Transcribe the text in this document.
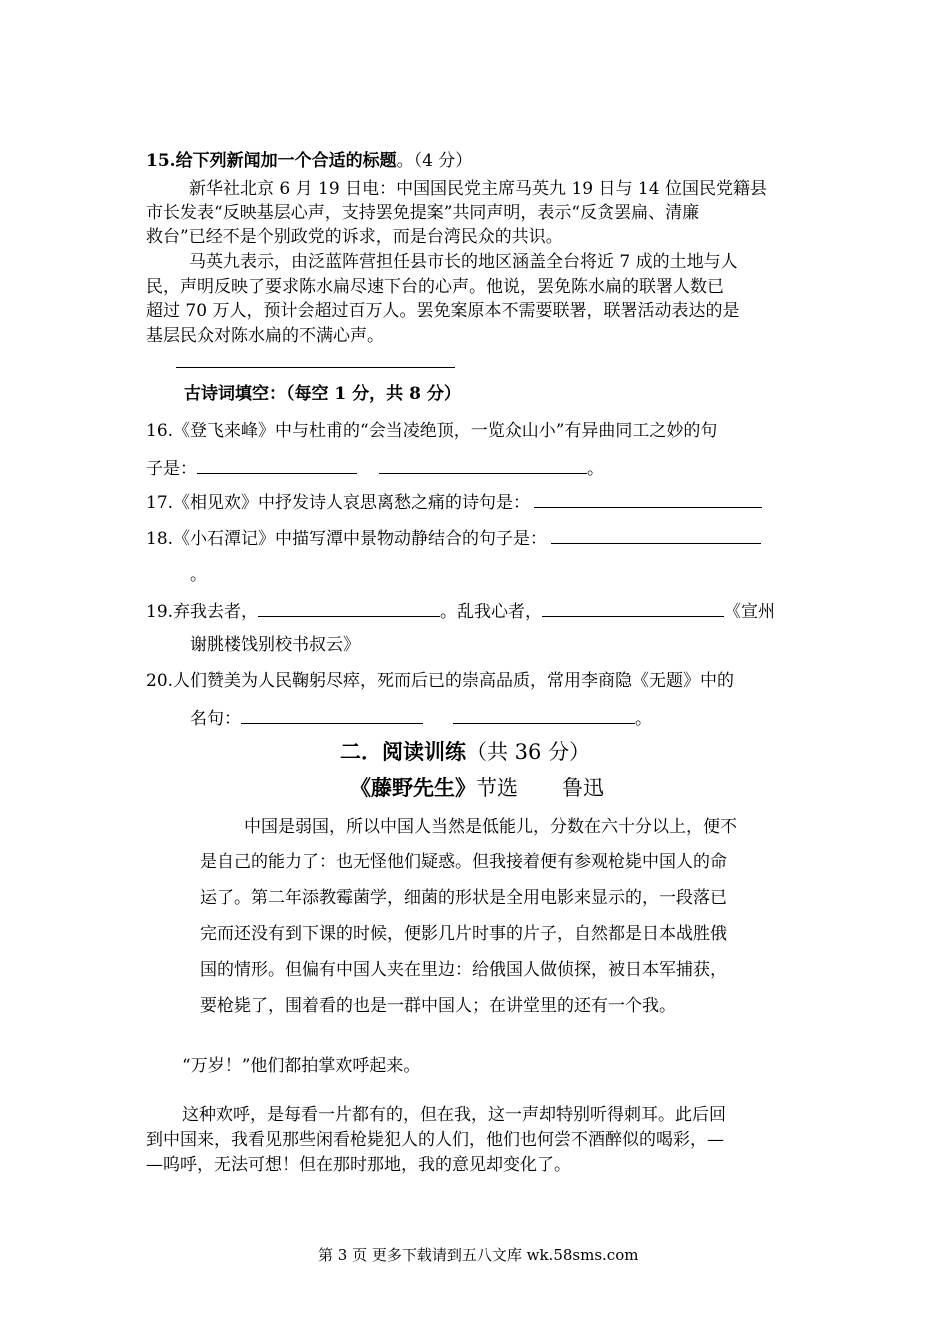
15.给下列新闻加一个合适的标题。（4 分）
新华社北京 6 月 19 日电：中国国民党主席马英九 19 日与 14 位国民党籍县
市长发表“反映基层心声，支持罢免提案”共同声明，表示“反贪罢扁、清廉
救台”已经不是个别政党的诉求，而是台湾民众的共识。
马英九表示，由泛蓝阵营担任县市长的地区涵盖全台将近 7 成的土地与人
民，声明反映了要求陈水扁尽速下台的心声。他说，罢免陈水扁的联署人数已
超过 70 万人，预计会超过百万人。罢免案原本不需要联署，联署活动表达的是
基层民众对陈水扁的不满心声。
古诗词填空：（每空 1 分，共 8 分）
16.《登飞来峰》中与杜甫的“会当凌绝顶，一览众山小”有异曲同工之妙的句
子是：	。
17.《相见欢》中抒发诗人哀思离愁之痛的诗句是：
18.《小石潭记》中描写潭中景物动静结合的句子是：
。
19.弃我去者，	。乱我心者，	《宣州
谢朓楼饯别校书叔云》
20.人们赞美为人民鞠躬尽瘁，死而后已的崇高品质，常用李商隐《无题》中的
名句：	。
二．阅读训练（共 36 分）
《藤野先生》节选 鲁迅
中国是弱国，所以中国人当然是低能儿，分数在六十分以上，便不
是自己的能力了：也无怪他们疑惑。但我接着便有参观枪毙中国人的命
运了。第二年添教霉菌学，细菌的形状是全用电影来显示的，一段落已
完而还没有到下课的时候，便影几片时事的片子，自然都是日本战胜俄
国的情形。但偏有中国人夹在里边：给俄国人做侦探，被日本军捕获，
要枪毙了，围着看的也是一群中国人；在讲堂里的还有一个我。
“万岁！”他们都拍掌欢呼起来。
这种欢呼，是每看一片都有的，但在我，这一声却特别听得刺耳。此后回
到中国来，我看见那些闲看枪毙犯人的人们，他们也何尝不酒醉似的喝彩，—
—呜呼，无法可想！但在那时那地，我的意见却变化了。
第 3 页 更多下载请到五八文库 wk.58sms.com
